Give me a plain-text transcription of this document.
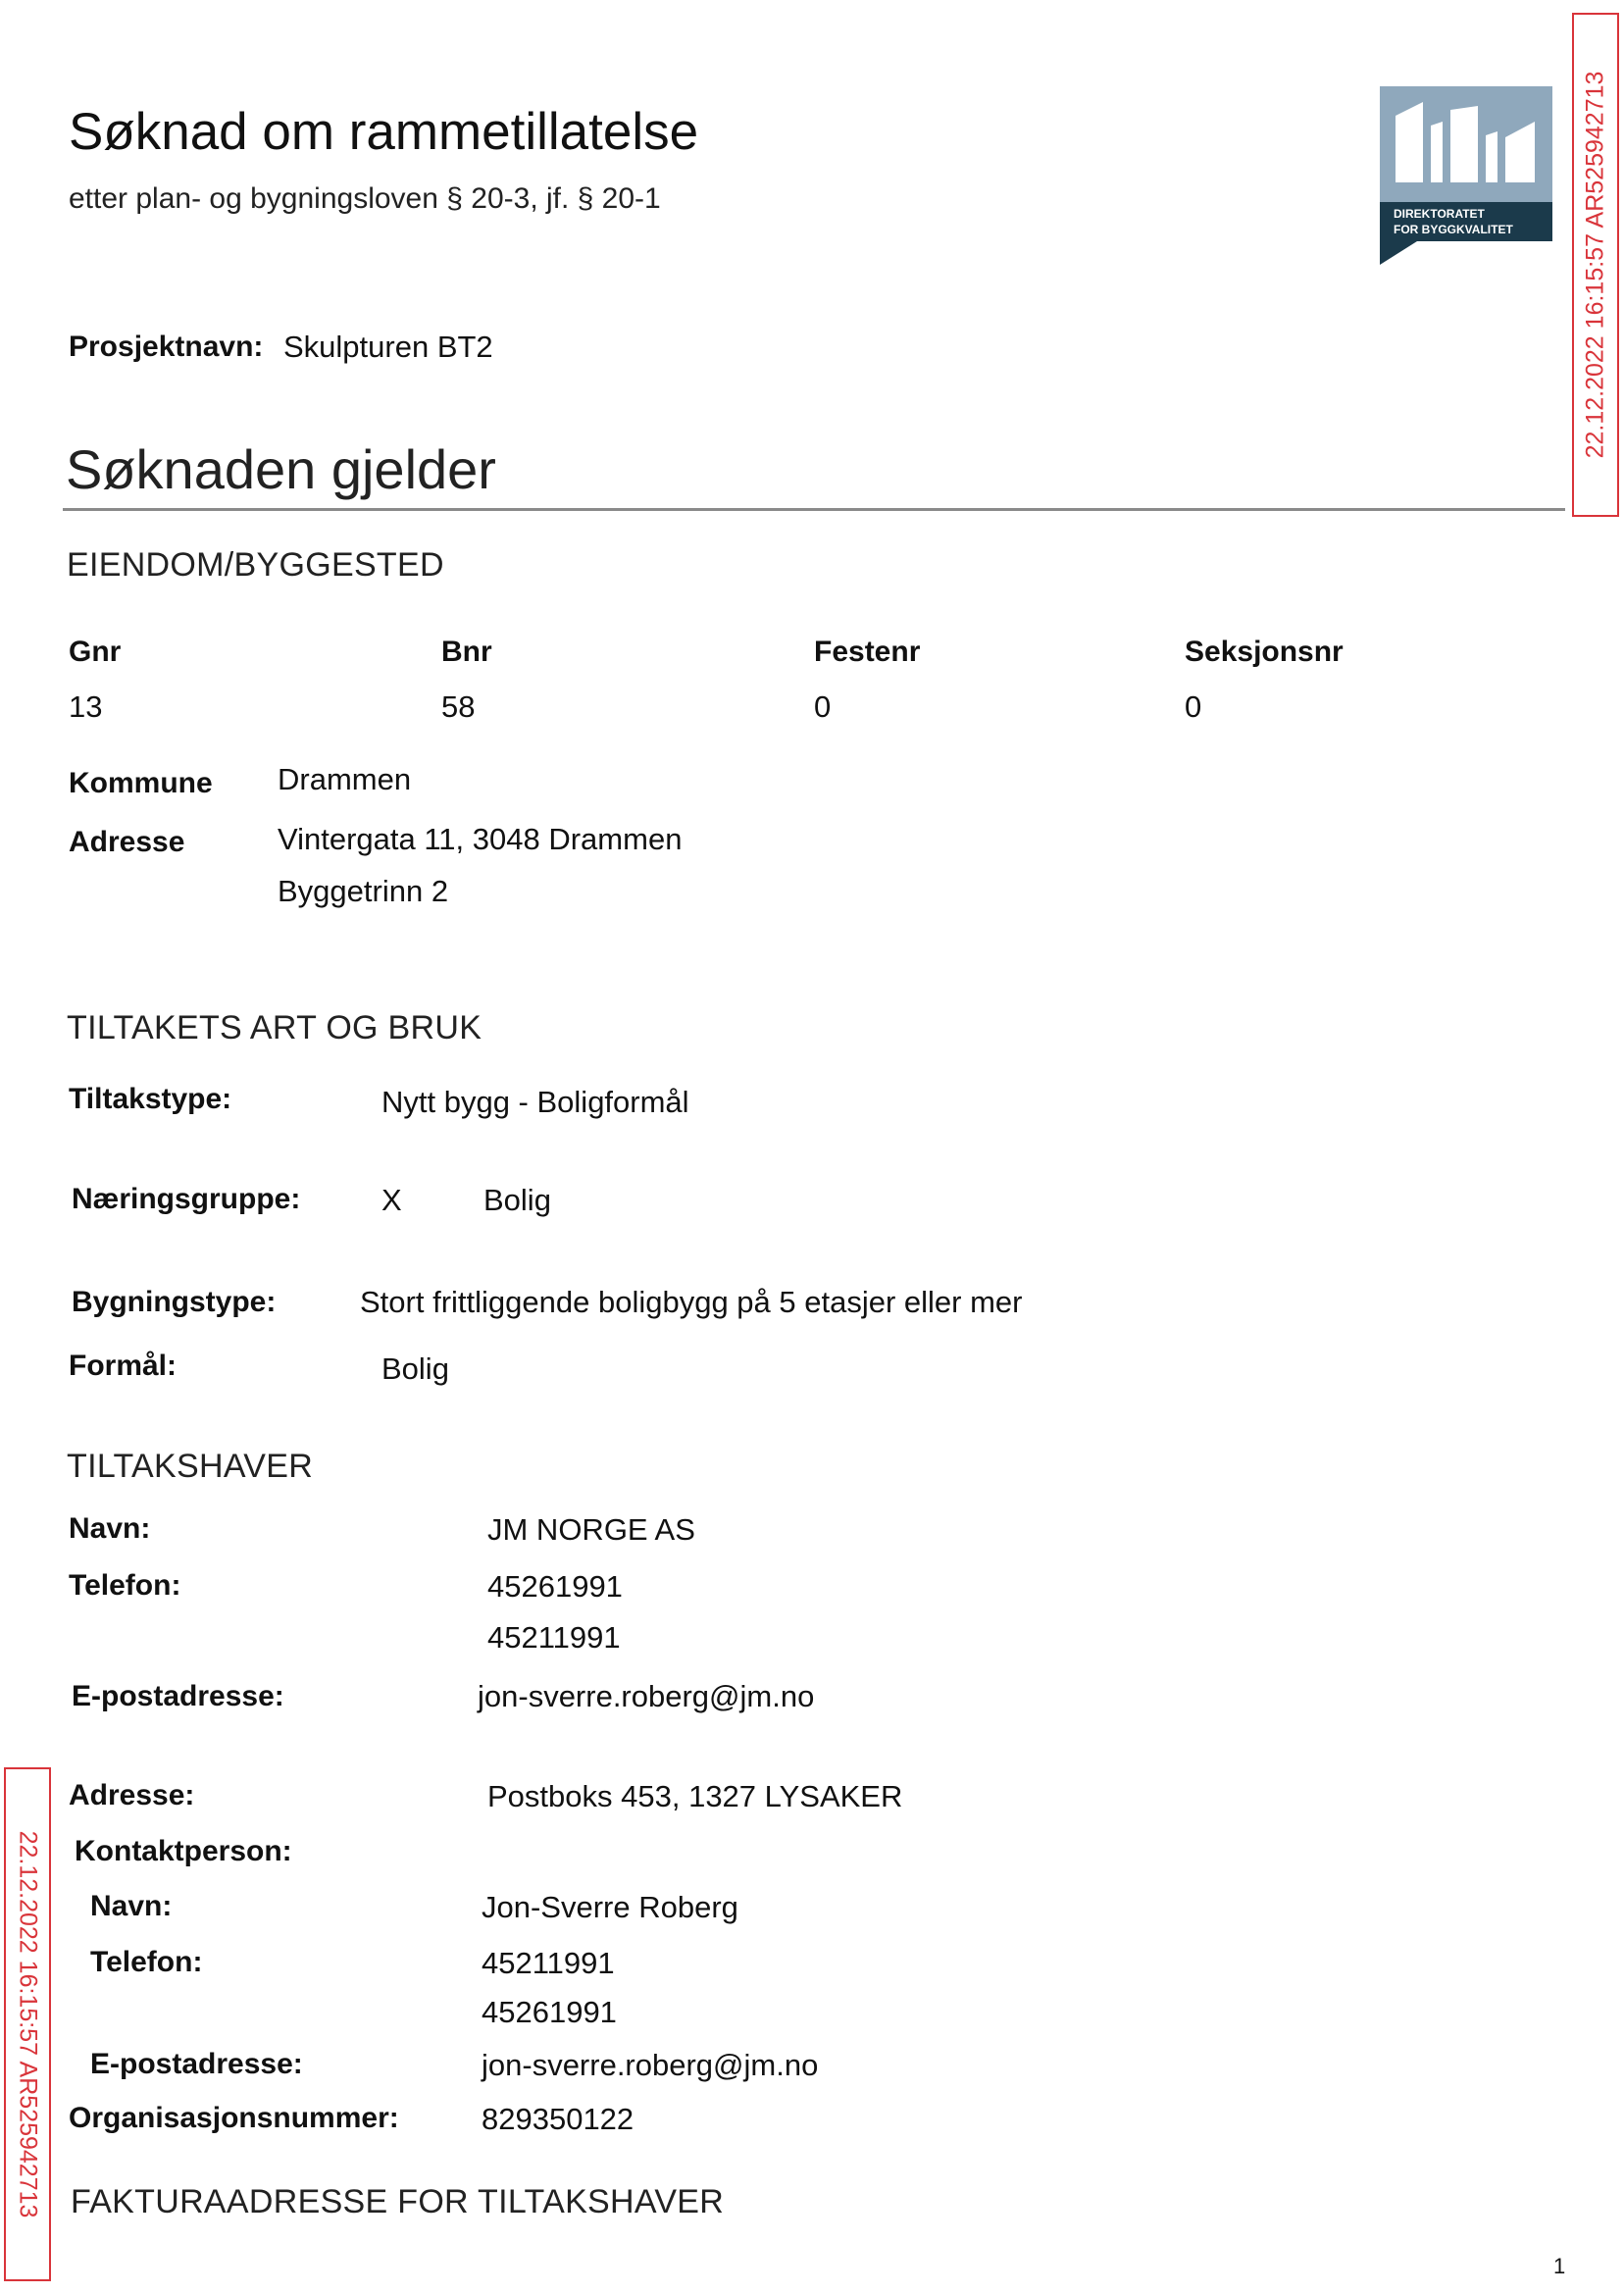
Søknad om rammetillatelse
etter plan- og bygningsloven § 20-3, jf. § 20-1
Prosjektnavn: Skulpturen BT2
DIREKTORATET
FOR BYGGKVALITET	22.12.2022 16:15:57 AR525942713
22.12.2022 16:15:57 AR525942713
Søknaden gjelder
EIENDOM/BYGGESTED
Gnr	Bnr	Festenr	Seksjonsnr
13	58	0	0
Kommune Drammen
Adresse	Vintergata 11, 3048 Drammen
Byggetrinn 2
TILTAKETS ART OG BRUK
Tiltakstype:	Nytt bygg - Boligformål
Næringsgruppe:	X	Bolig
Bygningstype:	Stort frittliggende boligbygg på 5 etasjer eller mer
Formål:	Bolig
TILTAKSHAVER
Navn:	JM NORGE AS
Telefon:	45261991
45211991
E-postadresse:	jon-sverre.roberg@jm.no
Adresse:	Postboks 453, 1327 LYSAKER
Kontaktperson:
Navn:	Jon-Sverre Roberg
Telefon:	45211991
45261991
E-postadresse:	jon-sverre.roberg@jm.no
Organisasjonsnummer:	829350122
FAKTURAADRESSE FOR TILTAKSHAVER
1
